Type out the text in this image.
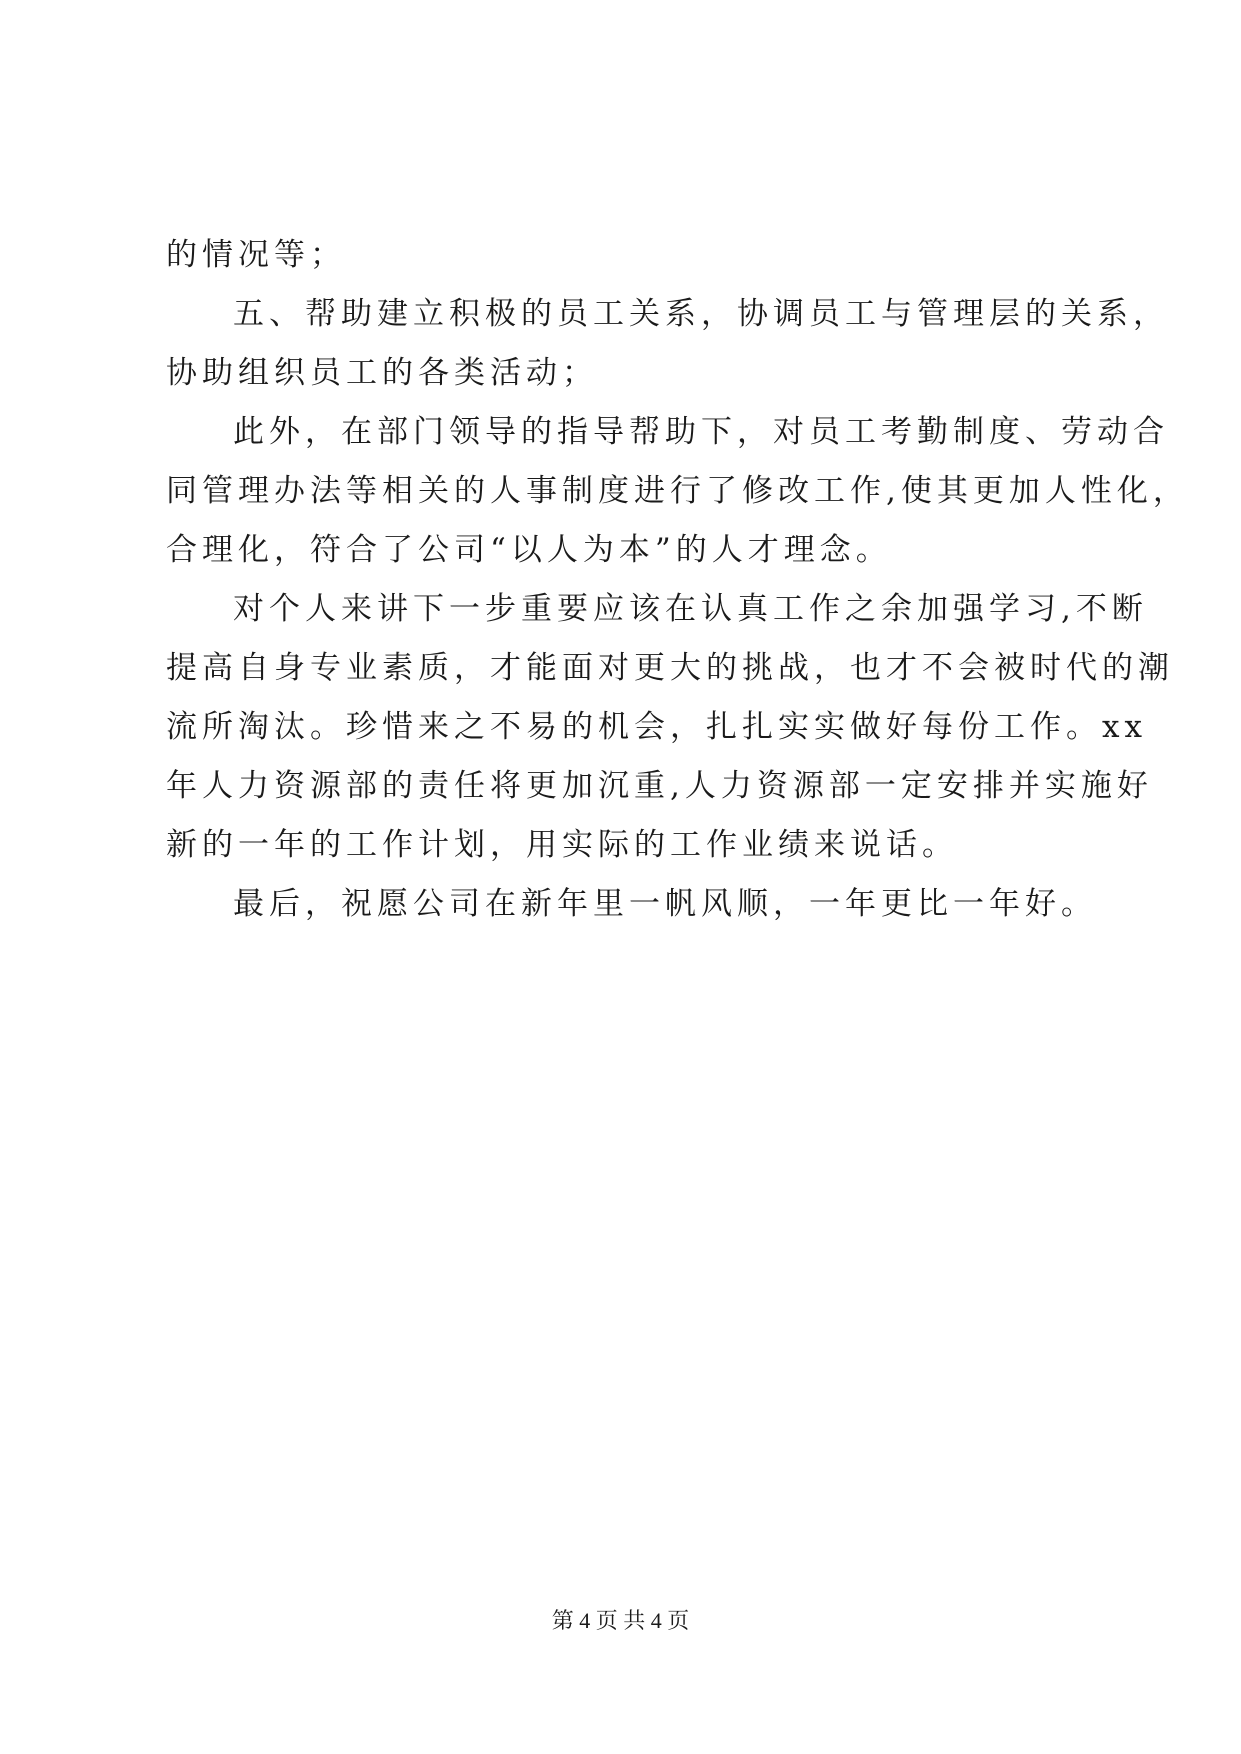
的情况等；
五、帮助建立积极的员工关系，协调员工与管理层的关系，
协助组织员工的各类活动；
此外，在部门领导的指导帮助下，对员工考勤制度、劳动合
同管理办法等相关的人事制度进行了修改工作,使其更加人性化，
合理化，符合了公司“以人为本”的人才理念。
对个人来讲下一步重要应该在认真工作之余加强学习,不断
提高自身专业素质，才能面对更大的挑战，也才不会被时代的潮
流所淘汰。珍惜来之不易的机会，扎扎实实做好每份工作。xx
年人力资源部的责任将更加沉重,人力资源部一定安排并实施好
新的一年的工作计划，用实际的工作业绩来说话。
最后，祝愿公司在新年里一帆风顺，一年更比一年好。
第 4 页 共 4 页
